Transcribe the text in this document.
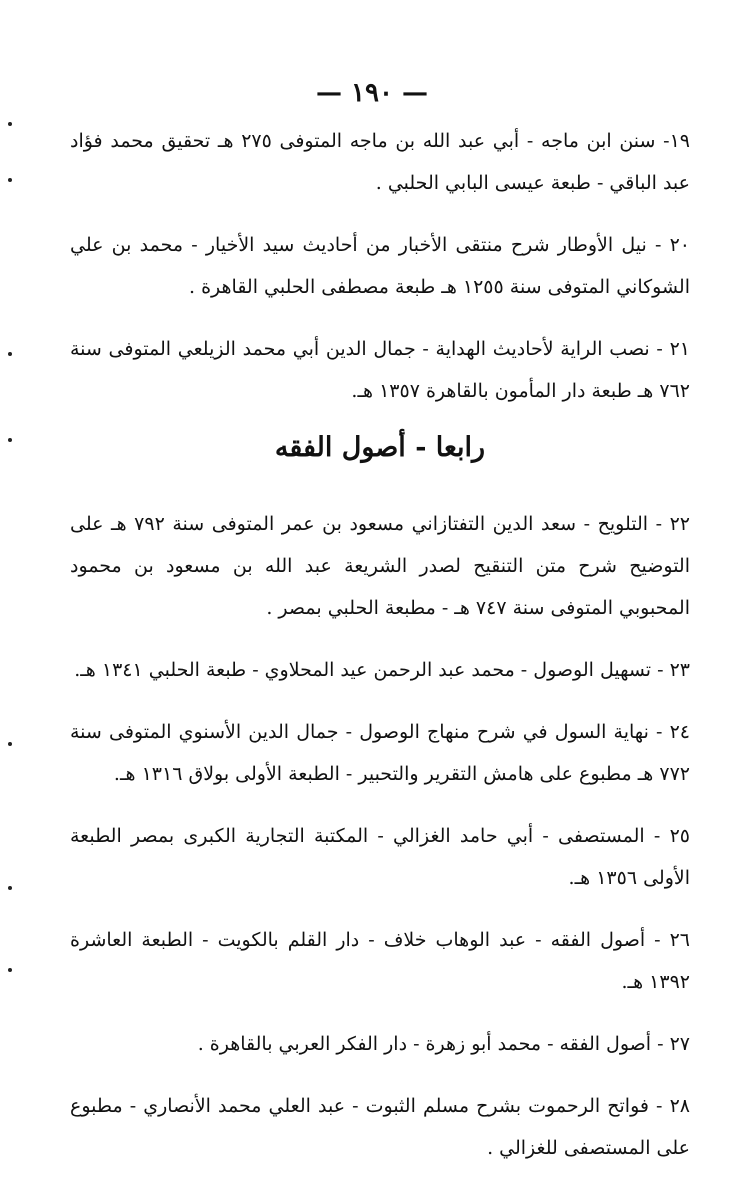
— ١٩٠ —
١٩- سنن ابن ماجه - أبي عبد الله بن ماجه المتوفى ٢٧٥ هـ تحقيق محمد فؤاد عبد الباقي - طبعة عيسى البابي الحلبي .
٢٠ - نيل الأوطار شرح منتقى الأخبار من أحاديث سيد الأخيار - محمد بن علي الشوكاني المتوفى سنة ١٢٥٥ هـ طبعة مصطفى الحلبي القاهرة .
٢١ - نصب الراية لأحاديث الهداية - جمال الدين أبي محمد الزيلعي المتوفى سنة ٧٦٢ هـ طبعة دار المأمون بالقاهرة ١٣٥٧ هـ.
رابعا - أصول الفقه
٢٢ - التلويح - سعد الدين التفتازاني مسعود بن عمر المتوفى سنة ٧٩٢ هـ على التوضيح شرح متن التنقيح لصدر الشريعة عبد الله بن مسعود بن محمود المحبوبي المتوفى سنة ٧٤٧ هـ - مطبعة الحلبي بمصر .
٢٣ - تسهيل الوصول - محمد عبد الرحمن عيد المحلاوي - طبعة الحلبي ١٣٤١ هـ.
٢٤ - نهاية السول في شرح منهاج الوصول - جمال الدين الأسنوي المتوفى سنة ٧٧٢ هـ مطبوع على هامش التقرير والتحبير - الطبعة الأولى بولاق ١٣١٦ هـ.
٢٥ - المستصفى - أبي حامد الغزالي - المكتبة التجارية الكبرى بمصر الطبعة الأولى ١٣٥٦ هـ.
٢٦ - أصول الفقه - عبد الوهاب خلاف - دار القلم بالكويت - الطبعة العاشرة ١٣٩٢ هـ.
٢٧ - أصول الفقه - محمد أبو زهرة - دار الفكر العربي بالقاهرة .
٢٨ - فواتح الرحموت بشرح مسلم الثبوت - عبد العلي محمد الأنصاري - مطبوع على المستصفى للغزالي .
